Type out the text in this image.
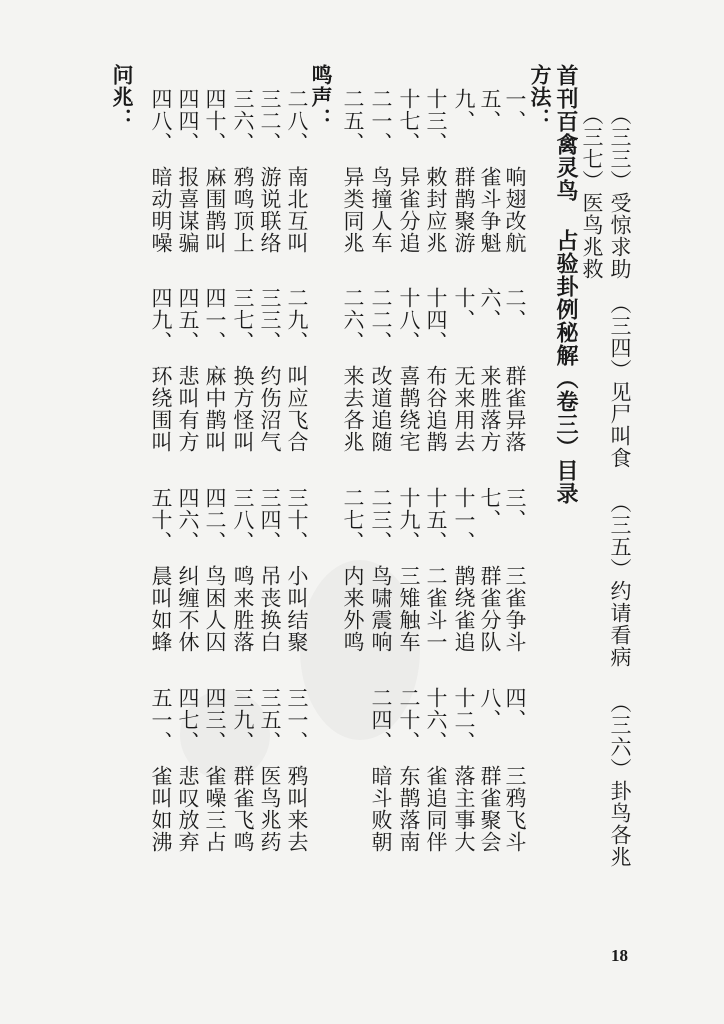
（三三）受惊求助
（三四）见尸叫食
（三五）约请看病
（三六）卦鸟各兆
（三七）医鸟兆救
首刊百禽灵鸟 占验卦例秘解（卷三）目录
方法：
一、
响翅改航
二、
群雀异落
三、
三雀争斗
四、
三鸦飞斗
五、
雀斗争魁
六、
来胜落方
七、
群雀分队
八、
群雀聚会
九、
群鹊聚游
十、
无来用去
十一、
鹊绕雀追
十二、
落主事大
十三、
敕封应兆
十四、
布谷追鹊
十五、
二雀斗一
十六、
雀追同伴
十七、
异雀分追
十八、
喜鹊绕宅
十九、
三雉触车
二十、
东鹊落南
二一、
鸟撞人车
二二、
改道追随
二三、
鸟啸震响
二四、
暗斗败朝
二五、
异类同兆
二六、
来去各兆
二七、
内来外鸣
鸣声：
二八、
南北互叫
二九、
叫应飞合
三十、
小叫结聚
三一、
鸦叫来去
三二、
游说联络
三三、
约伤沼气
三四、
吊丧换白
三五、
医鸟兆药
三六、
鸦鸣顶上
三七、
换方怪叫
三八、
鸣来胜落
三九、
群雀飞鸣
四十、
麻围鹊叫
四一、
麻中鹊叫
四二、
鸟困人囚
四三、
雀噪三占
四四、
报喜谋骗
四五、
悲叫有方
四六、
纠缠不休
四七、
悲叹放弃
四八、
暗动明噪
四九、
环绕围叫
五十、
晨叫如蜂
五一、
雀叫如沸
问兆：
18
